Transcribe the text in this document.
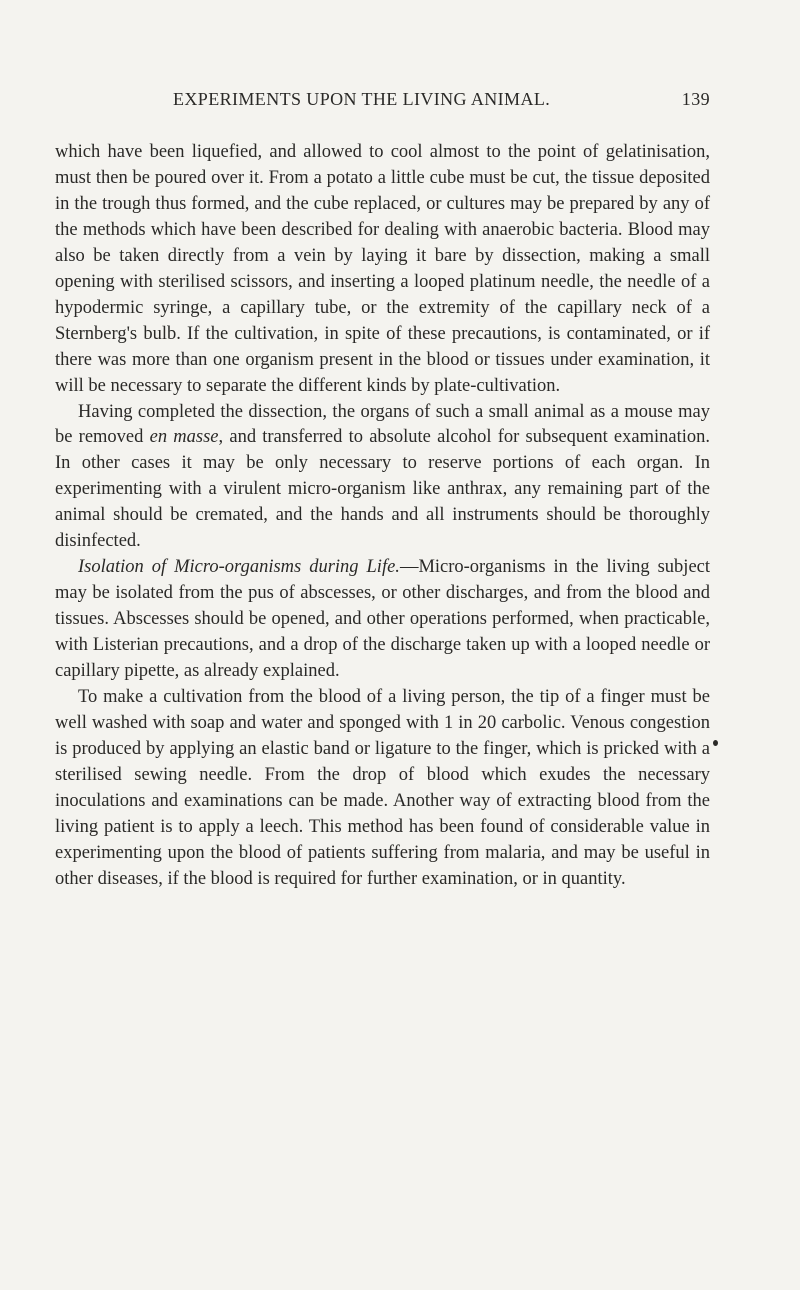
EXPERIMENTS UPON THE LIVING ANIMAL.	139

which have been liquefied, and allowed to cool almost to the point of gelatinisation, must then be poured over it. From a potato a little cube must be cut, the tissue deposited in the trough thus formed, and the cube replaced, or cultures may be prepared by any of the methods which have been described for dealing with anaerobic bacteria. Blood may also be taken directly from a vein by laying it bare by dissection, making a small opening with sterilised scissors, and inserting a looped platinum needle, the needle of a hypodermic syringe, a capillary tube, or the extremity of the capillary neck of a Sternberg's bulb. If the cultivation, in spite of these precautions, is contaminated, or if there was more than one organism present in the blood or tissues under examination, it will be necessary to separate the different kinds by plate-cultivation.

Having completed the dissection, the organs of such a small animal as a mouse may be removed en masse, and transferred to absolute alcohol for subsequent examination. In other cases it may be only necessary to reserve portions of each organ. In experimenting with a virulent micro-organism like anthrax, any remaining part of the animal should be cremated, and the hands and all instruments should be thoroughly disinfected.

Isolation of Micro-organisms during Life.—Micro-organisms in the living subject may be isolated from the pus of abscesses, or other discharges, and from the blood and tissues. Abscesses should be opened, and other operations performed, when practicable, with Listerian precautions, and a drop of the discharge taken up with a looped needle or capillary pipette, as already explained.

To make a cultivation from the blood of a living person, the tip of a finger must be well washed with soap and water and sponged with 1 in 20 carbolic. Venous congestion is produced by applying an elastic band or ligature to the finger, which is pricked with a sterilised sewing needle. From the drop of blood which exudes the necessary inoculations and examinations can be made. Another way of extracting blood from the living patient is to apply a leech. This method has been found of considerable value in experimenting upon the blood of patients suffering from malaria, and may be useful in other diseases, if the blood is required for further examination, or in quantity.
